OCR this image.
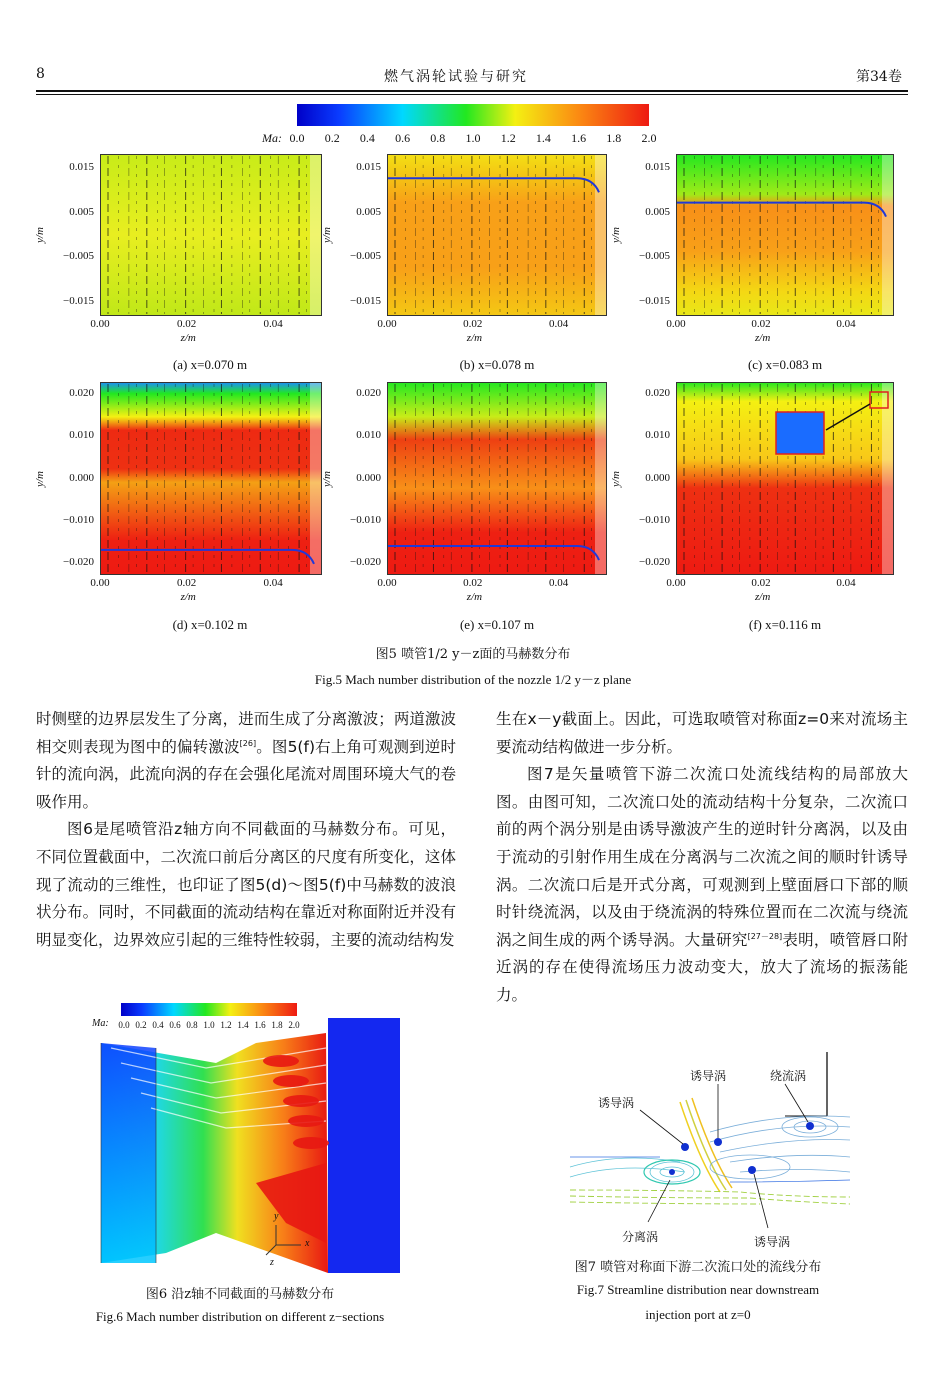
8	燃气涡轮试验与研究	第34卷
Ma: 0.0 0.2 0.4 0.6 0.8 1.0 1.2 1.4 1.6 1.8 2.0
0.015
0.005
−0.005
−0.015
0.00	0.02	0.04
z/m
y/m
(a) x=0.070 m
0.015
0.005
−0.005
−0.015
0.00	0.02	0.04
z/m
y/m
(b) x=0.078 m
0.015
0.005
−0.005
−0.015
0.00	0.02	0.04
z/m
y/m
(c) x=0.083 m
0.020
0.010
0.000
−0.010
−0.020
0.00	0.02	0.04
z/m
y/m
(d) x=0.102 m
0.020
0.010
0.000
−0.010
−0.020
0.00	0.02	0.04
z/m
y/m
(e) x=0.107 m
0.020
0.010
0.000
−0.010
−0.020
0.00	0.02	0.04
z/m
y/m
(f) x=0.116 m
图5 喷管1/2 y－z面的马赫数分布
Fig.5 Mach number distribution of the nozzle 1/2 y－z plane

时侧壁的边界层发生了分离，进而生成了分离激波；两道激波相交则表现为图中的偏转激波[26]。图5(f)右上角可观测到逆时针的流向涡，此流向涡的存在会强化尾流对周围环境大气的卷吸作用。

图6是尾喷管沿z轴方向不同截面的马赫数分布。可见，不同位置截面中，二次流口前后分离区的尺度有所变化，这体现了流动的三维性，也印证了图5(d)～图5(f)中马赫数的波浪状分布。同时，不同截面的流动结构在靠近对称面附近并没有明显变化，边界效应引起的三维特性较弱，主要的流动结构发

生在x－y截面上。因此，可选取喷管对称面z=0来对流场主要流动结构做进一步分析。

图7是矢量喷管下游二次流口处流线结构的局部放大图。由图可知，二次流口处的流动结构十分复杂，二次流口前的两个涡分别是由诱导激波产生的逆时针分离涡，以及由于流动的引射作用生成在分离涡与二次流之间的顺时针诱导涡。二次流口后是开式分离，可观测到上壁面唇口下部的顺时针绕流涡，以及由于绕流涡的特殊位置而在二次流与绕流涡之间生成的两个诱导涡。大量研究[27－28]表明，喷管唇口附近涡的存在使得流场压力波动变大，放大了流场的振荡能力。

Ma: 0.0 0.2 0.4 0.6 0.8 1.0 1.2 1.4 1.6 1.8 2.0
y
x
z
图6 沿z轴不同截面的马赫数分布
Fig.6 Mach number distribution on different z−sections
诱导涡
诱导涡	绕流涡
分离涡	诱导涡
图7 喷管对称面下游二次流口处的流线分布
Fig.7 Streamline distribution near downstream
injection port at z=0
